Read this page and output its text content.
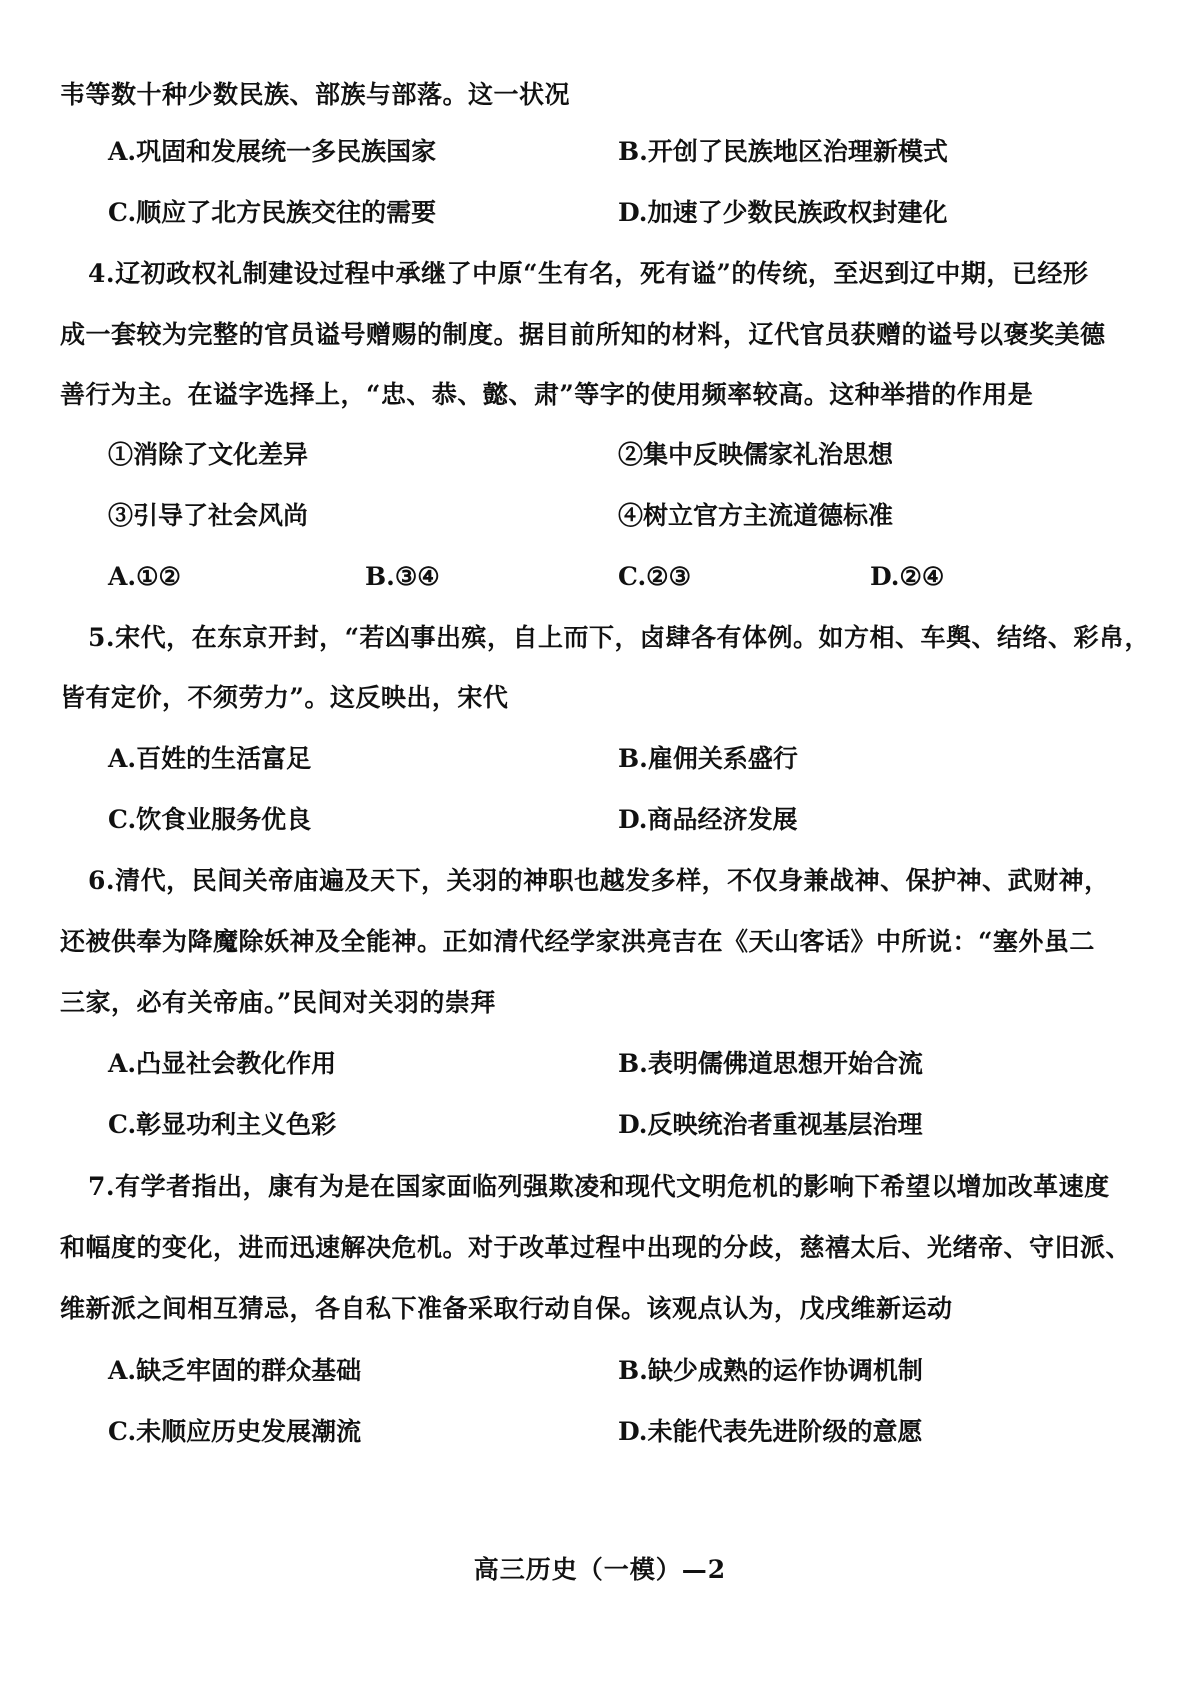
韦等数十种少数民族、部族与部落。这一状况
A.巩固和发展统一多民族国家	B.开创了民族地区治理新模式
C.顺应了北方民族交往的需要	D.加速了少数民族政权封建化
4.辽初政权礼制建设过程中承继了中原“生有名，死有谥”的传统，至迟到辽中期，已经形
成一套较为完整的官员谥号赠赐的制度。据目前所知的材料，辽代官员获赠的谥号以褒奖美德
善行为主。在谥字选择上，“忠、恭、懿、肃”等字的使用频率较高。这种举措的作用是
①消除了文化差异	②集中反映儒家礼治思想
③引导了社会风尚	④树立官方主流道德标准
A.①②	B.③④	C.②③	D.②④
5.宋代，在东京开封，“若凶事出殡，自上而下，卤肆各有体例。如方相、车舆、结络、彩帛，
皆有定价，不须劳力”。这反映出，宋代
A.百姓的生活富足	B.雇佣关系盛行
C.饮食业服务优良	D.商品经济发展
6.清代，民间关帝庙遍及天下，关羽的神职也越发多样，不仅身兼战神、保护神、武财神，
还被供奉为降魔除妖神及全能神。正如清代经学家洪亮吉在《天山客话》中所说：“塞外虽二
三家，必有关帝庙。”民间对关羽的崇拜
A.凸显社会教化作用	B.表明儒佛道思想开始合流
C.彰显功利主义色彩	D.反映统治者重视基层治理
7.有学者指出，康有为是在国家面临列强欺凌和现代文明危机的影响下希望以增加改革速度
和幅度的变化，进而迅速解决危机。对于改革过程中出现的分歧，慈禧太后、光绪帝、守旧派、
维新派之间相互猜忌，各自私下准备采取行动自保。该观点认为，戊戌维新运动
A.缺乏牢固的群众基础	B.缺少成熟的运作协调机制
C.未顺应历史发展潮流	D.未能代表先进阶级的意愿
高三历史（一模）—2
